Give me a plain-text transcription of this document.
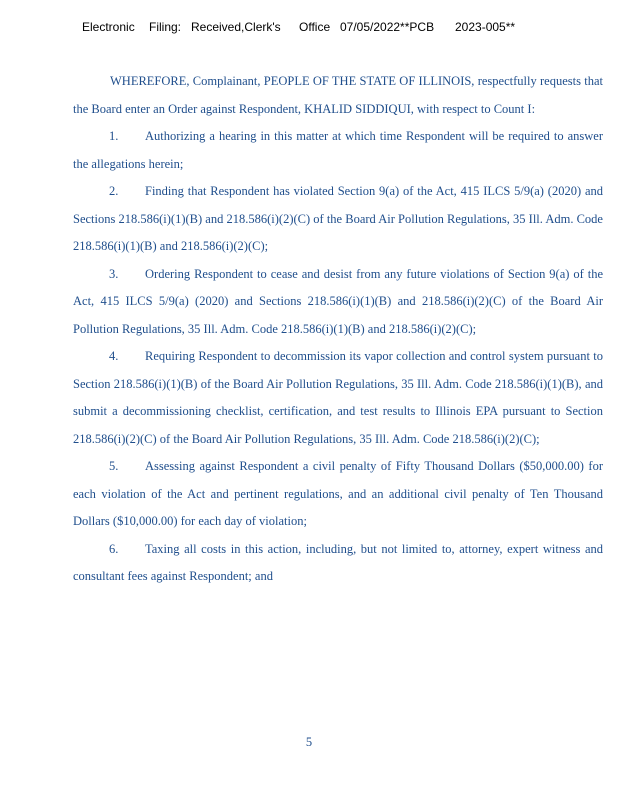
Electronic Filing: Received,Clerk's Office 07/05/2022**PCB 2023-005**

WHEREFORE, Complainant, PEOPLE OF THE STATE OF ILLINOIS, respectfully requests that the Board enter an Order against Respondent, KHALID SIDDIQUI, with respect to Count I:

1. Authorizing a hearing in this matter at which time Respondent will be required to answer the allegations herein;

2. Finding that Respondent has violated Section 9(a) of the Act, 415 ILCS 5/9(a) (2020) and Sections 218.586(i)(1)(B) and 218.586(i)(2)(C) of the Board Air Pollution Regulations, 35 Ill. Adm. Code 218.586(i)(1)(B) and 218.586(i)(2)(C);

3. Ordering Respondent to cease and desist from any future violations of Section 9(a) of the Act, 415 ILCS 5/9(a) (2020) and Sections 218.586(i)(1)(B) and 218.586(i)(2)(C) of the Board Air Pollution Regulations, 35 Ill. Adm. Code 218.586(i)(1)(B) and 218.586(i)(2)(C);

4. Requiring Respondent to decommission its vapor collection and control system pursuant to Section 218.586(i)(1)(B) of the Board Air Pollution Regulations, 35 Ill. Adm. Code 218.586(i)(1)(B), and submit a decommissioning checklist, certification, and test results to Illinois EPA pursuant to Section 218.586(i)(2)(C) of the Board Air Pollution Regulations, 35 Ill. Adm. Code 218.586(i)(2)(C);

5. Assessing against Respondent a civil penalty of Fifty Thousand Dollars ($50,000.00) for each violation of the Act and pertinent regulations, and an additional civil penalty of Ten Thousand Dollars ($10,000.00) for each day of violation;

6. Taxing all costs in this action, including, but not limited to, attorney, expert witness and consultant fees against Respondent; and

5
